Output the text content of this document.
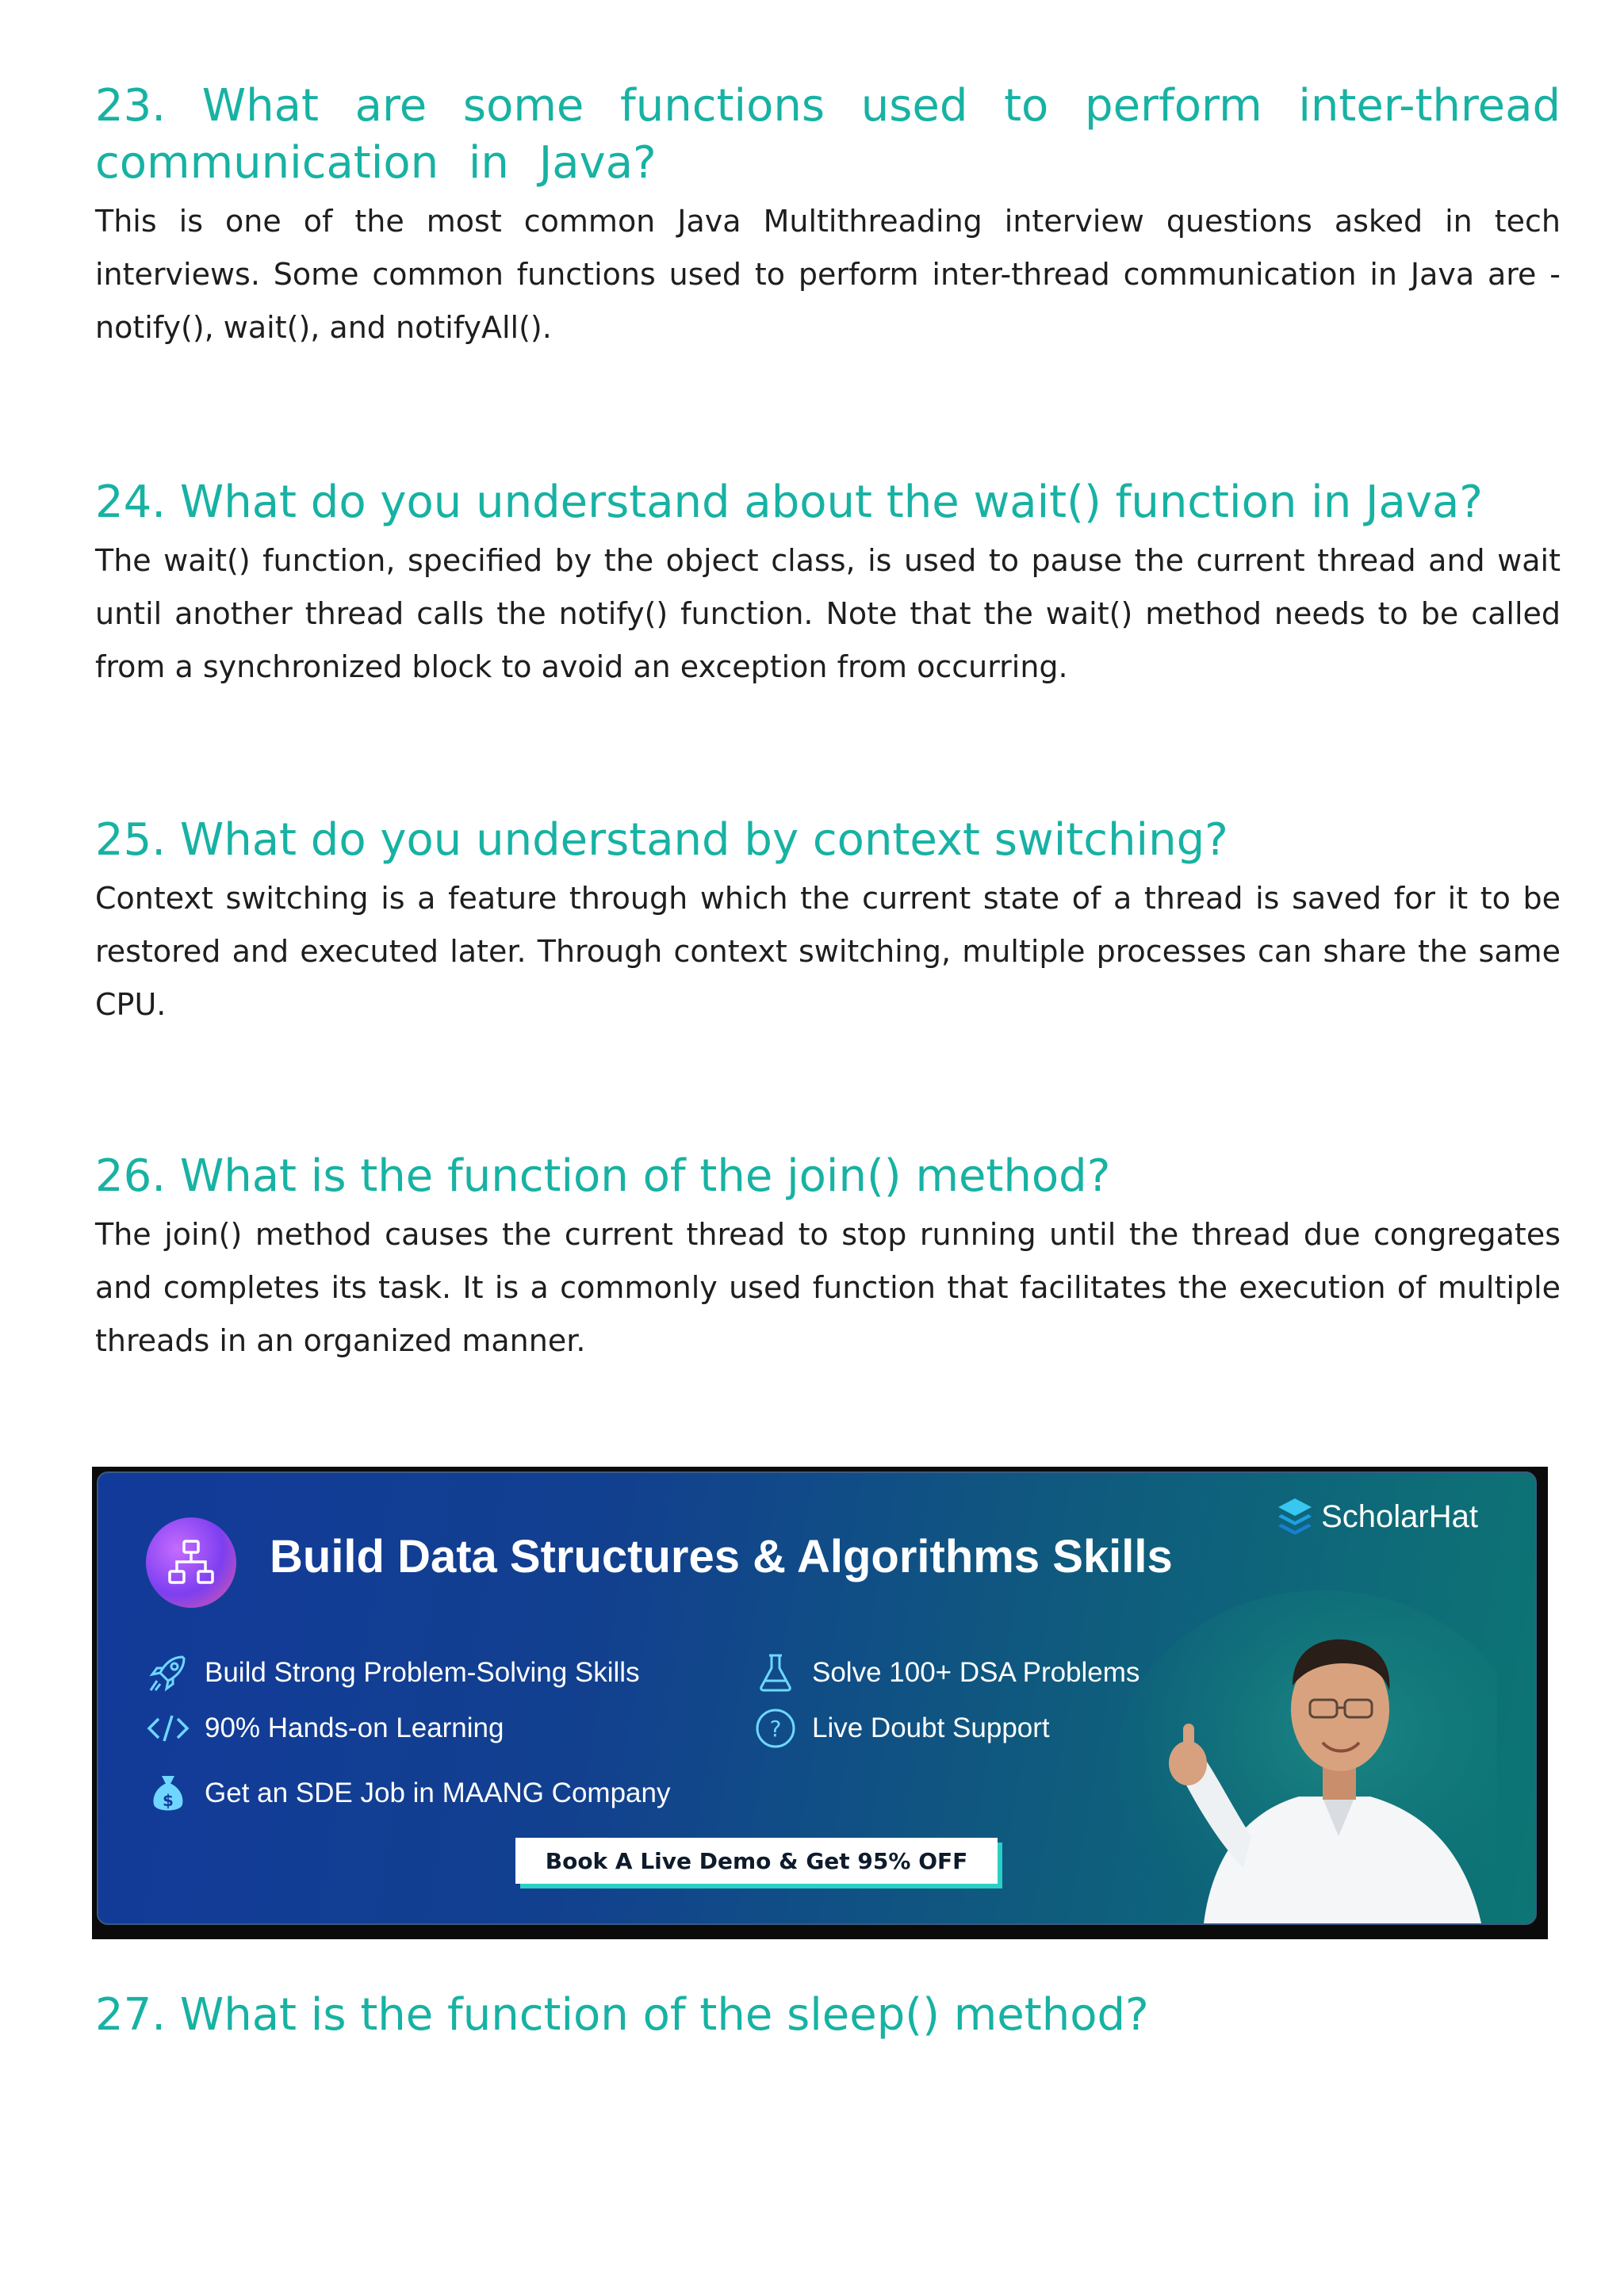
23. What are some functions used to perform inter-thread communication in Java?

This is one of the most common Java Multithreading interview questions asked in tech interviews. Some common functions used to perform inter-thread communication in Java are - notify(), wait(), and notifyAll().

24. What do you understand about the wait() function in Java?

The wait() function, specified by the object class, is used to pause the current thread and wait until another thread calls the notify() function. Note that the wait() method needs to be called from a synchronized block to avoid an exception from occurring.

25. What do you understand by context switching?

Context switching is a feature through which the current state of a thread is saved for it to be restored and executed later. Through context switching, multiple processes can share the same CPU.

26. What is the function of the join() method?

The join() method causes the current thread to stop running until the thread due congregates and completes its task. It is a commonly used function that facilitates the execution of multiple threads in an organized manner.

Build Data Structures & Algorithms Skills
ScholarHat
Build Strong Problem-Solving Skills
90% Hands-on Learning
$ Get an SDE Job in MAANG Company
Solve 100+ DSA Problems
? Live Doubt Support
Book A Live Demo & Get 95% OFF
27. What is the function of the sleep() method?
